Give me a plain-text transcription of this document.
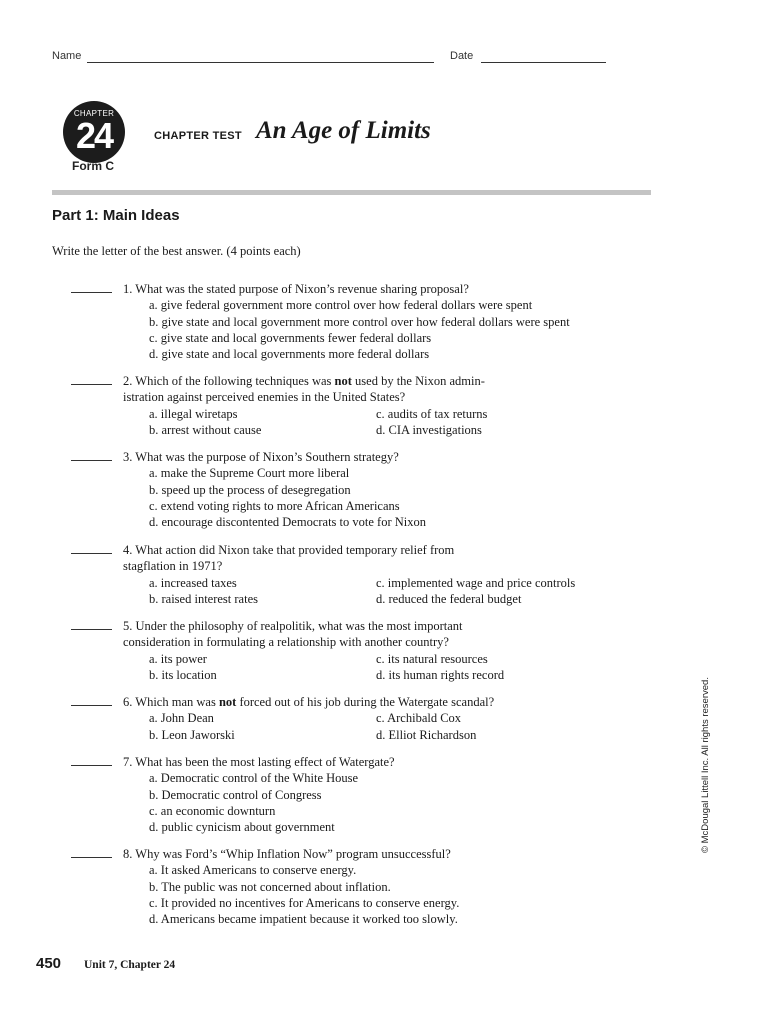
Name	Date
CHAPTER
24
Form C
CHAPTER TEST An Age of Limits
Part 1: Main Ideas
Write the letter of the best answer. (4 points each)
1. What was the stated purpose of Nixon’s revenue sharing proposal?
a. give federal government more control over how federal dollars were spent
b. give state and local government more control over how federal dollars were spent
c. give state and local governments fewer federal dollars
d. give state and local governments more federal dollars
2. Which of the following techniques was not used by the Nixon admin-
istration against perceived enemies in the United States?
a. illegal wiretaps	c. audits of tax returns
b. arrest without cause	d. CIA investigations
3. What was the purpose of Nixon’s Southern strategy?
a. make the Supreme Court more liberal
b. speed up the process of desegregation
c. extend voting rights to more African Americans
d. encourage discontented Democrats to vote for Nixon
4. What action did Nixon take that provided temporary relief from
stagflation in 1971?
a. increased taxes	c. implemented wage and price controls
b. raised interest rates	d. reduced the federal budget
5. Under the philosophy of realpolitik, what was the most important
consideration in formulating a relationship with another country?
a. its power	c. its natural resources
b. its location	d. its human rights record
6. Which man was not forced out of his job during the Watergate scandal?
a. John Dean	c. Archibald Cox
b. Leon Jaworski	d. Elliot Richardson
7. What has been the most lasting effect of Watergate?
a. Democratic control of the White House
b. Democratic control of Congress
c. an economic downturn
d. public cynicism about government
8. Why was Ford’s “Whip Inflation Now” program unsuccessful?
a. It asked Americans to conserve energy.
b. The public was not concerned about inflation.
c. It provided no incentives for Americans to conserve energy.
d. Americans became impatient because it worked too slowly.
© McDougal Littell Inc. All rights reserved.
450 Unit 7, Chapter 24
